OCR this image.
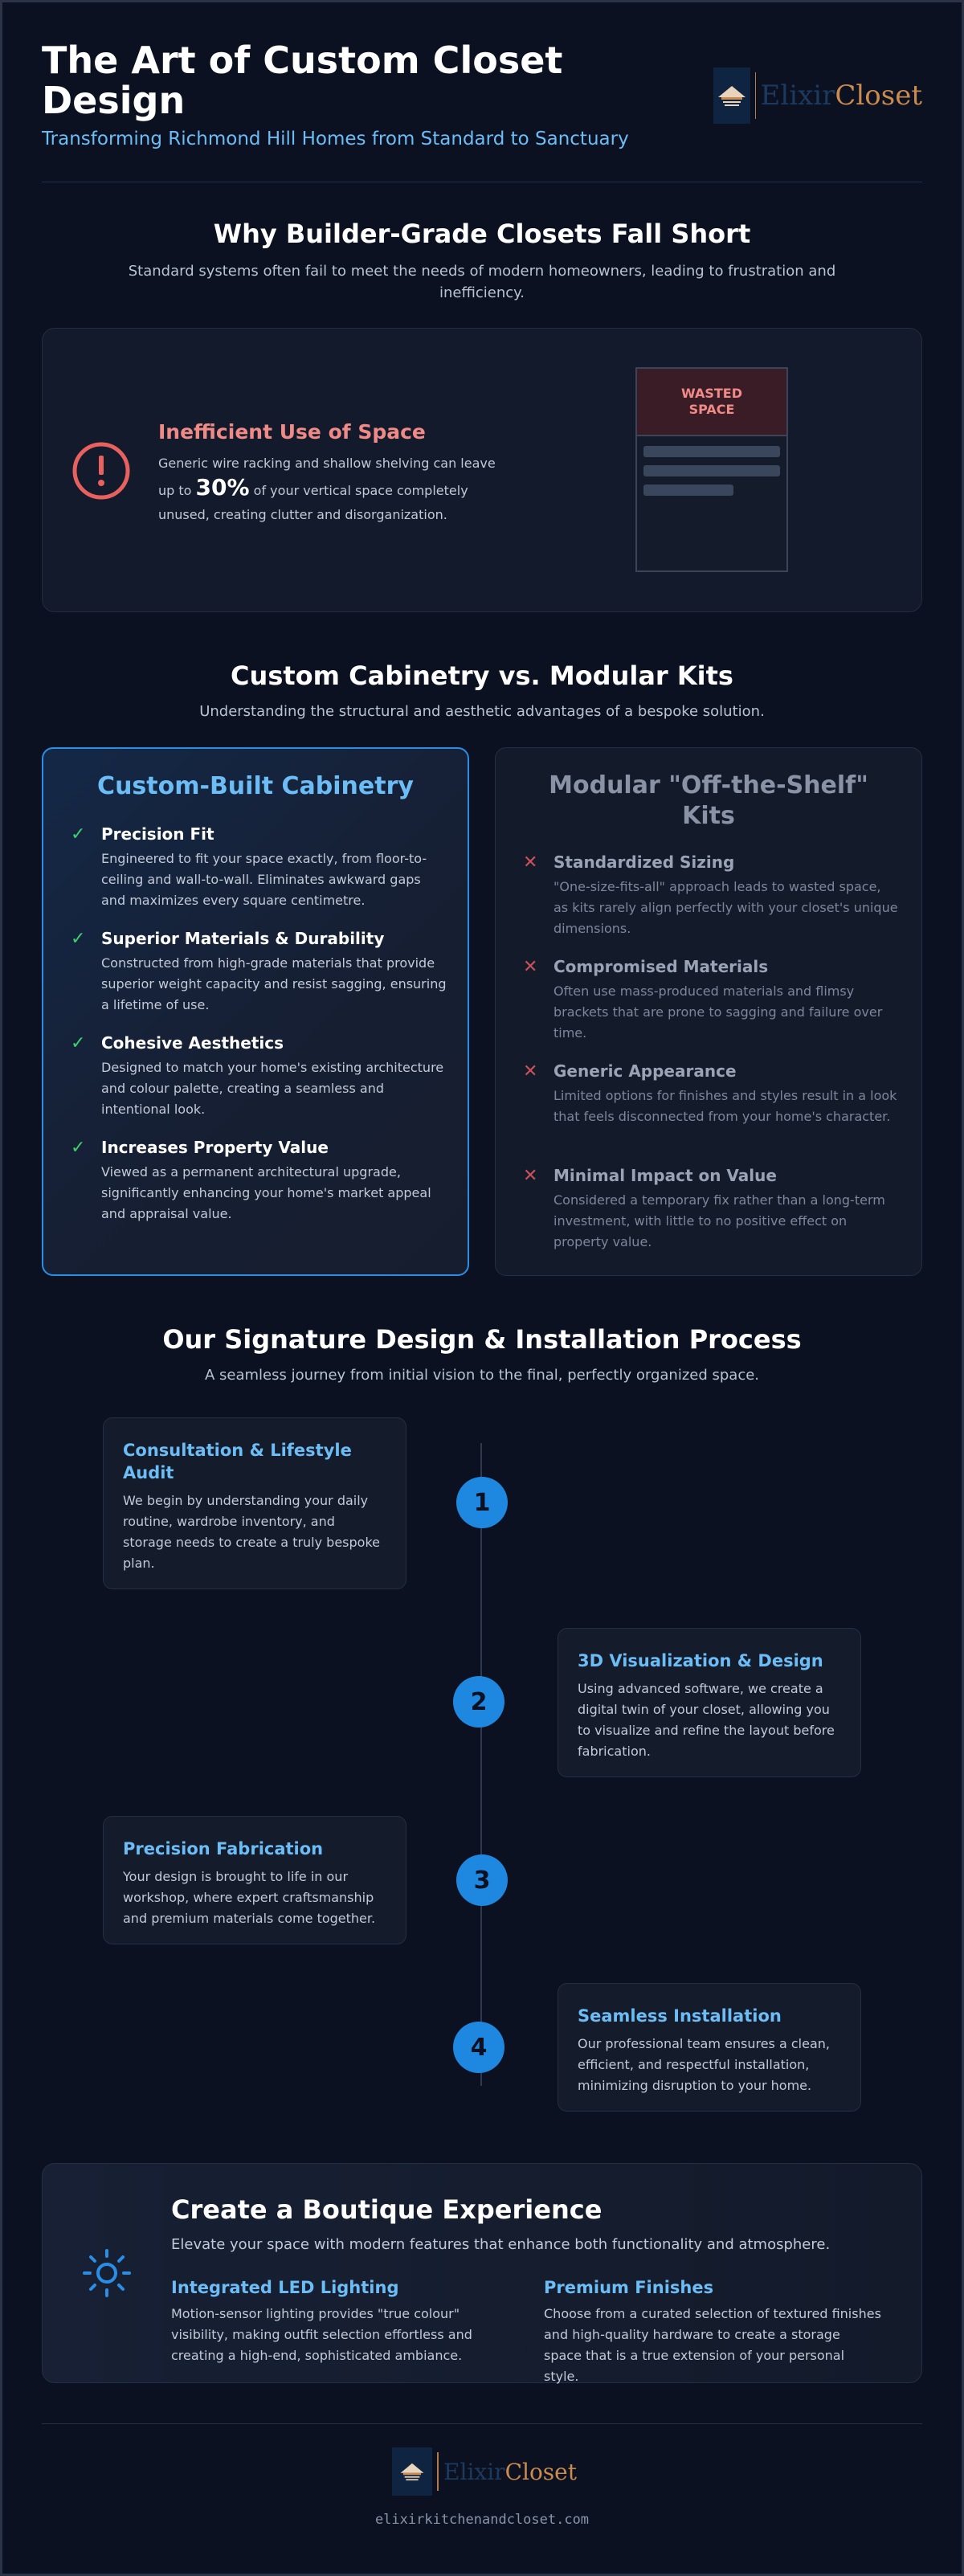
The Art of Custom Closet Design
Transforming Richmond Hill Homes from Standard to Sanctuary
ElixirCloset
Why Builder-Grade Closets Fall Short

Standard systems often fail to meet the needs of modern homeowners, leading to frustration and inefficiency.

Inefficient Use of Space

Generic wire racking and shallow shelving can leave up to 30% of your vertical space completely unused, creating clutter and disorganization.

WASTED SPACE
Custom Cabinetry vs. Modular Kits

Understanding the structural and aesthetic advantages of a bespoke solution.

Custom-Built Cabinetry
✓ Precision Fit

Engineered to fit your space exactly, from floor-to-ceiling and wall-to-wall. Eliminates awkward gaps and maximizes every square centimetre.

✓ Superior Materials & Durability

Constructed from high-grade materials that provide superior weight capacity and resist sagging, ensuring a lifetime of use.

✓ Cohesive Aesthetics

Designed to match your home's existing architecture and colour palette, creating a seamless and intentional look.

✓ Increases Property Value

Viewed as a permanent architectural upgrade, significantly enhancing your home's market appeal and appraisal value.

Modular "Off-the-Shelf" Kits
✕ Standardized Sizing

"One-size-fits-all" approach leads to wasted space, as kits rarely align perfectly with your closet's unique dimensions.

✕ Compromised Materials

Often use mass-produced materials and flimsy brackets that are prone to sagging and failure over time.

✕ Generic Appearance

Limited options for finishes and styles result in a look that feels disconnected from your home's character.

✕ Minimal Impact on Value

Considered a temporary fix rather than a long-term investment, with little to no positive effect on property value.

Our Signature Design & Installation Process

A seamless journey from initial vision to the final, perfectly organized space.

Consultation & Lifestyle Audit

We begin by understanding your daily routine, wardrobe inventory, and storage needs to create a truly bespoke plan.

1
3D Visualization & Design

Using advanced software, we create a digital twin of your closet, allowing you to visualize and refine the layout before fabrication.

2
Precision Fabrication

Your design is brought to life in our workshop, where expert craftsmanship and premium materials come together.

3
Seamless Installation

Our professional team ensures a clean, efficient, and respectful installation, minimizing disruption to your home.

4
Create a Boutique Experience

Elevate your space with modern features that enhance both functionality and atmosphere.

Integrated LED Lighting

Motion-sensor lighting provides "true colour" visibility, making outfit selection effortless and creating a high-end, sophisticated ambiance.

Premium Finishes

Choose from a curated selection of textured finishes and high-quality hardware to create a storage space that is a true extension of your personal style.

ElixirCloset
elixirkitchenandcloset.com
